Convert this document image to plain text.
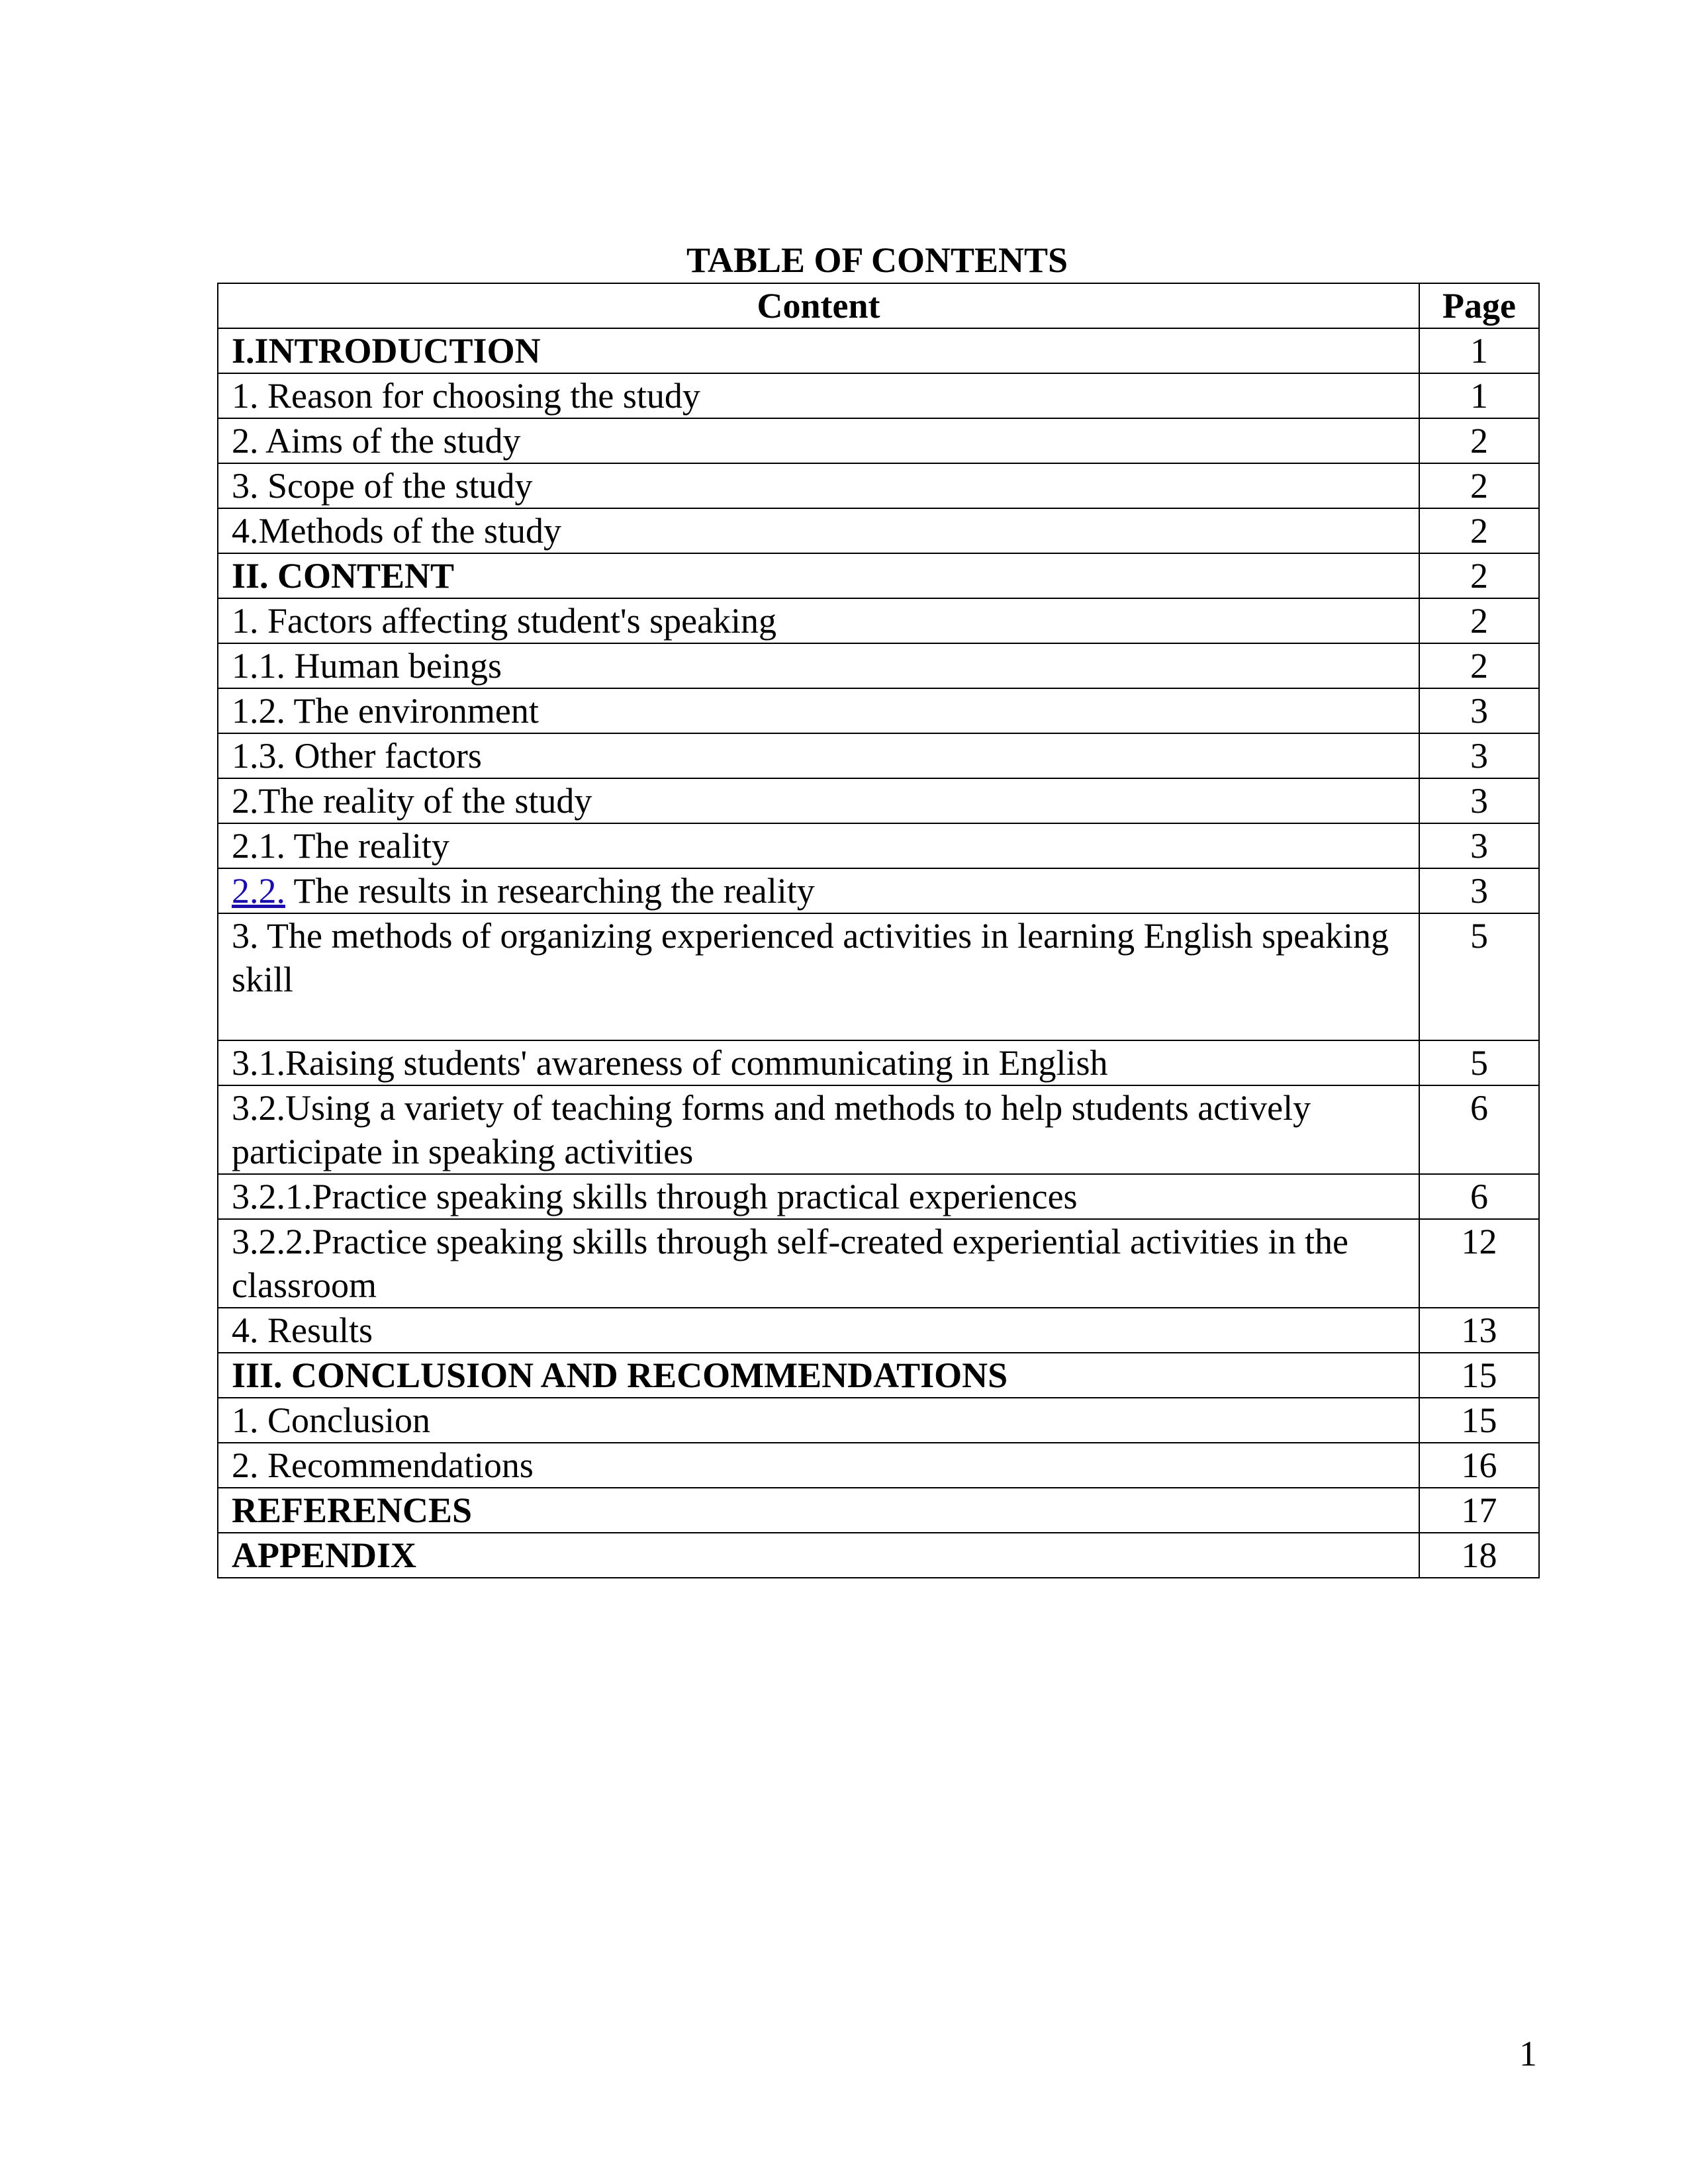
TABLE OF CONTENTS
Content	Page
I.INTRODUCTION	1
1. Reason for choosing the study	1
2. Aims of the study	2
3. Scope of the study	2
4.Methods of the study	2
II. CONTENT	2
1. Factors affecting student's speaking	2
1.1. Human beings	2
1.2. The environment	3
1.3. Other factors	3
2.The reality of the study	3
2.1. The reality	3
2.2. The results in researching the reality	3
3. The methods of organizing experienced activities in learning English speaking skill	5
3.1.Raising students' awareness of communicating in English	5
3.2.Using a variety of teaching forms and methods to help students actively participate in speaking activities	6
3.2.1.Practice speaking skills through practical experiences	6
3.2.2.Practice speaking skills through self-created experiential activities in the classroom	12
4. Results	13
III. CONCLUSION AND RECOMMENDATIONS	15
1. Conclusion	15
2. Recommendations	16
REFERENCES	17
APPENDIX	18
1
